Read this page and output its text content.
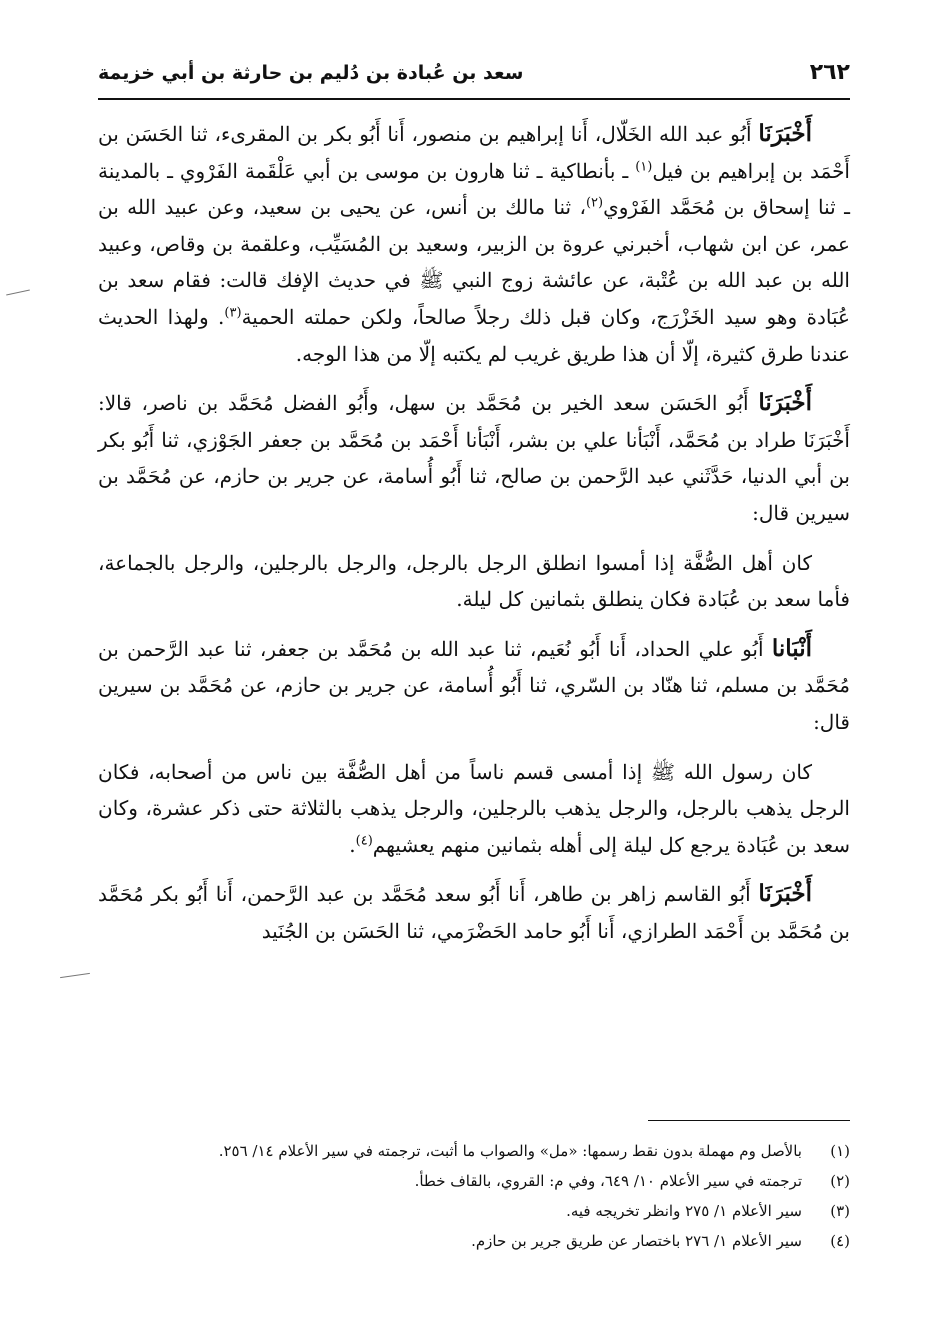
٢٦٢
سعد بن عُبادة بن دُليم بن حارثة بن أبي خزيمة

أَخْبَرَنَا أَبُو عبد الله الخَلّال، أَنا إبراهيم بن منصور، أَنا أَبُو بكر بن المقرىء، ثنا الحَسَن بن أَحْمَد بن إبراهيم بن فيل$^{(١)}$ ـ بأنطاكية ـ ثنا هارون بن موسى بن أبي عَلْقَمة الفَرْوي ـ بالمدينة ـ ثنا إسحاق بن مُحَمَّد الفَرْوي$^{(٢)}$، ثنا مالك بن أنس، عن يحيى بن سعيد، وعن عبيد الله بن عمر، عن ابن شهاب، أخبرني عروة بن الزبير، وسعيد بن المُسَيِّب، وعلقمة بن وقاص، وعبيد الله بن عبد الله بن عُتْبة، عن عائشة زوج النبي ﷺ في حديث الإفك قالت: فقام سعد بن عُبَادة وهو سيد الخَزْرَج، وكان قبل ذلك رجلاً صالحاً، ولكن حملته الحمية$^{(٣)}$. ولهذا الحديث عندنا طرق كثيرة، إلّا أن هذا طريق غريب لم يكتبه إلّا من هذا الوجه.

أَخْبَرَنَا أَبُو الحَسَن سعد الخير بن مُحَمَّد بن سهل، وأَبُو الفضل مُحَمَّد بن ناصر، قالا: أَخْبَرَنَا طراد بن مُحَمَّد، أَنْبَأنا علي بن بشر، أَنْبَأنا أَحْمَد بن مُحَمَّد بن جعفر الجَوْزي، ثنا أَبُو بكر بن أبي الدنيا، حَدَّثَني عبد الرَّحمن بن صالح، ثنا أَبُو أُسامة، عن جرير بن حازم، عن مُحَمَّد بن سيرين قال:

كان أهل الصُّفَّة إذا أمسوا انطلق الرجل بالرجل، والرجل بالرجلين، والرجل بالجماعة، فأما سعد بن عُبَادة فكان ينطلق بثمانين كل ليلة.

أَنْبَانا أَبُو علي الحداد، أَنا أَبُو نُعَيم، ثنا عبد الله بن مُحَمَّد بن جعفر، ثنا عبد الرَّحمن بن مُحَمَّد بن مسلم، ثنا هنّاد بن السّري، ثنا أَبُو أُسامة، عن جرير بن حازم، عن مُحَمَّد بن سيرين قال:

كان رسول الله ﷺ إذا أمسى قسم ناساً من أهل الصُّفَّة بين ناس من أصحابه، فكان الرجل يذهب بالرجل، والرجل يذهب بالرجلين، والرجل يذهب بالثلاثة حتى ذكر عشرة، وكان سعد بن عُبَادة يرجع كل ليلة إلى أهله بثمانين منهم يعشيهم$^{(٤)}$.

أَخْبَرَنَا أَبُو القاسم زاهر بن طاهر، أَنا أَبُو سعد مُحَمَّد بن عبد الرَّحمن، أَنا أَبُو بكر مُحَمَّد بن مُحَمَّد بن أَحْمَد الطرازي، أَنا أَبُو حامد الحَضْرَمي، ثنا الحَسَن بن الجُنَيد

(١)
بالأصل وم مهملة بدون نقط رسمها: «مل» والصواب ما أثبت، ترجمته في سير الأعلام ١٤/ ٢٥٦.
(٢)
ترجمته في سير الأعلام ١٠/ ٦٤٩، وفي م: القروي، بالقاف خطأ.
(٣)
سير الأعلام ١/ ٢٧٥ وانظر تخريجه فيه.
(٤)
سير الأعلام ١/ ٢٧٦ باختصار عن طريق جرير بن حازم.
